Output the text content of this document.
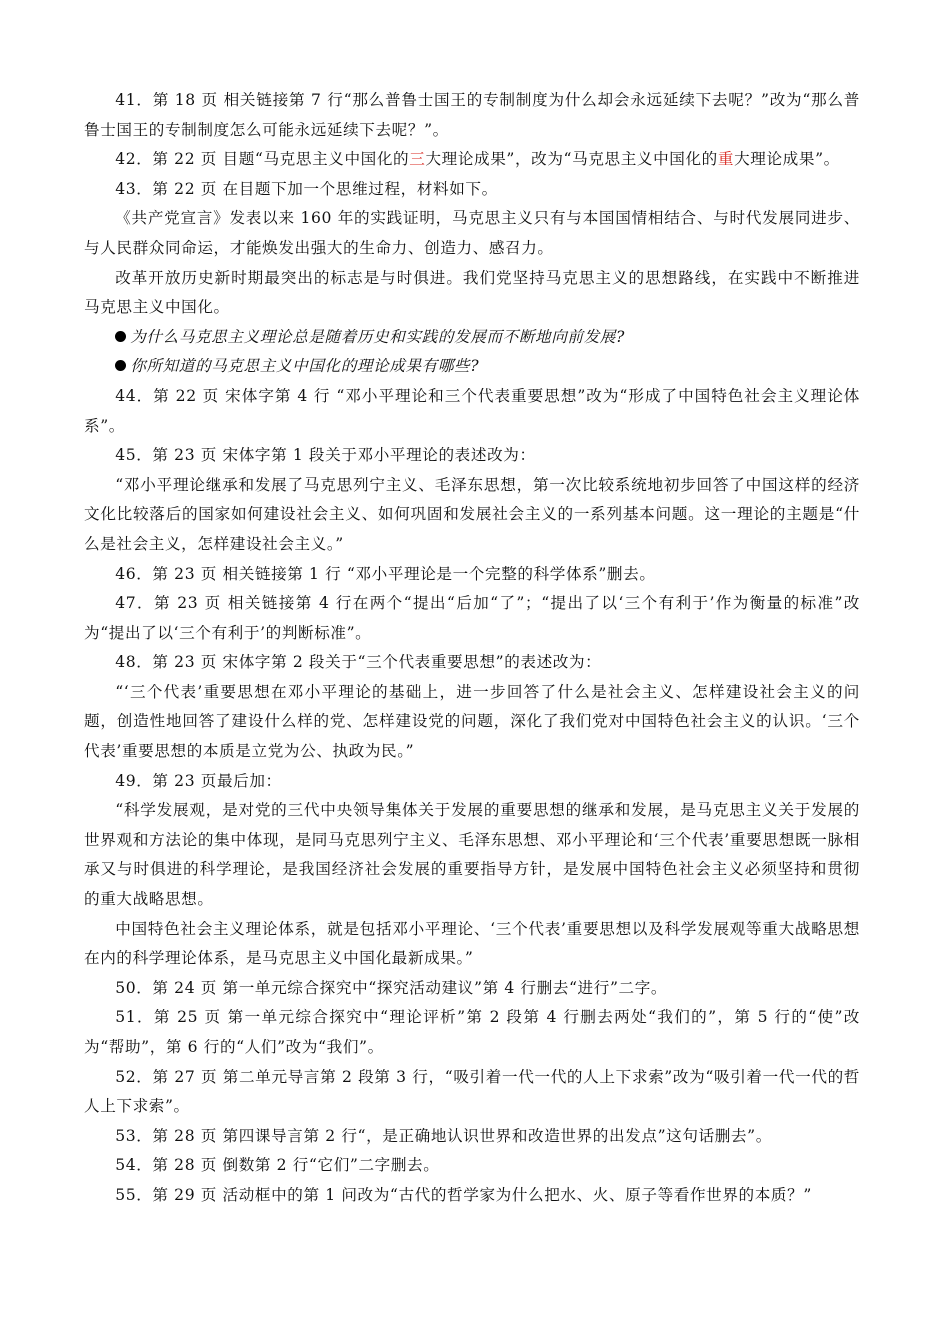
41．第 18 页 相关链接第 7 行“那么普鲁士国王的专制制度为什么却会永远延续下去呢？”改为“那么普鲁士国王的专制制度怎么可能永远延续下去呢？”。

42．第 22 页 目题“马克思主义中国化的三大理论成果”，改为“马克思主义中国化的重大理论成果”。

43．第 22 页 在目题下加一个思维过程，材料如下。

《共产党宣言》发表以来 160 年的实践证明，马克思主义只有与本国国情相结合、与时代发展同进步、与人民群众同命运，才能焕发出强大的生命力、创造力、感召力。

改革开放历史新时期最突出的标志是与时俱进。我们党坚持马克思主义的思想路线，在实践中不断推进马克思主义中国化。

为什么马克思主义理论总是随着历史和实践的发展而不断地向前发展?

你所知道的马克思主义中国化的理论成果有哪些?

44．第 22 页 宋体字第 4 行 “邓小平理论和三个代表重要思想”改为“形成了中国特色社会主义理论体系”。

45．第 23 页 宋体字第 1 段关于邓小平理论的表述改为：

“邓小平理论继承和发展了马克思列宁主义、毛泽东思想，第一次比较系统地初步回答了中国这样的经济文化比较落后的国家如何建设社会主义、如何巩固和发展社会主义的一系列基本问题。这一理论的主题是“什么是社会主义，怎样建设社会主义。”

46．第 23 页 相关链接第 1 行 “邓小平理论是一个完整的科学体系”删去。

47．第 23 页 相关链接第 4 行在两个“提出“后加“了”；“提出了以‘三个有利于’作为衡量的标准”改为“提出了以‘三个有利于’的判断标准”。

48．第 23 页 宋体字第 2 段关于“三个代表重要思想”的表述改为：

“‘三个代表’重要思想在邓小平理论的基础上，进一步回答了什么是社会主义、怎样建设社会主义的问题，创造性地回答了建设什么样的党、怎样建设党的问题，深化了我们党对中国特色社会主义的认识。‘三个代表’重要思想的本质是立党为公、执政为民。”

49．第 23 页最后加：

“科学发展观，是对党的三代中央领导集体关于发展的重要思想的继承和发展，是马克思主义关于发展的世界观和方法论的集中体现，是同马克思列宁主义、毛泽东思想、邓小平理论和‘三个代表’重要思想既一脉相承又与时俱进的科学理论，是我国经济社会发展的重要指导方针，是发展中国特色社会主义必须坚持和贯彻的重大战略思想。

中国特色社会主义理论体系，就是包括邓小平理论、‘三个代表’重要思想以及科学发展观等重大战略思想在内的科学理论体系，是马克思主义中国化最新成果。”

50．第 24 页 第一单元综合探究中“探究活动建议”第 4 行删去“进行”二字。

51．第 25 页 第一单元综合探究中“理论评析”第 2 段第 4 行删去两处“我们的”，第 5 行的“使”改为“帮助”，第 6 行的“人们”改为“我们”。

52．第 27 页 第二单元导言第 2 段第 3 行，“吸引着一代一代的人上下求索”改为“吸引着一代一代的哲人上下求索”。

53．第 28 页 第四课导言第 2 行“，是正确地认识世界和改造世界的出发点”这句话删去”。

54．第 28 页 倒数第 2 行“它们”二字删去。

55．第 29 页 活动框中的第 1 问改为“古代的哲学家为什么把水、火、原子等看作世界的本质？”
